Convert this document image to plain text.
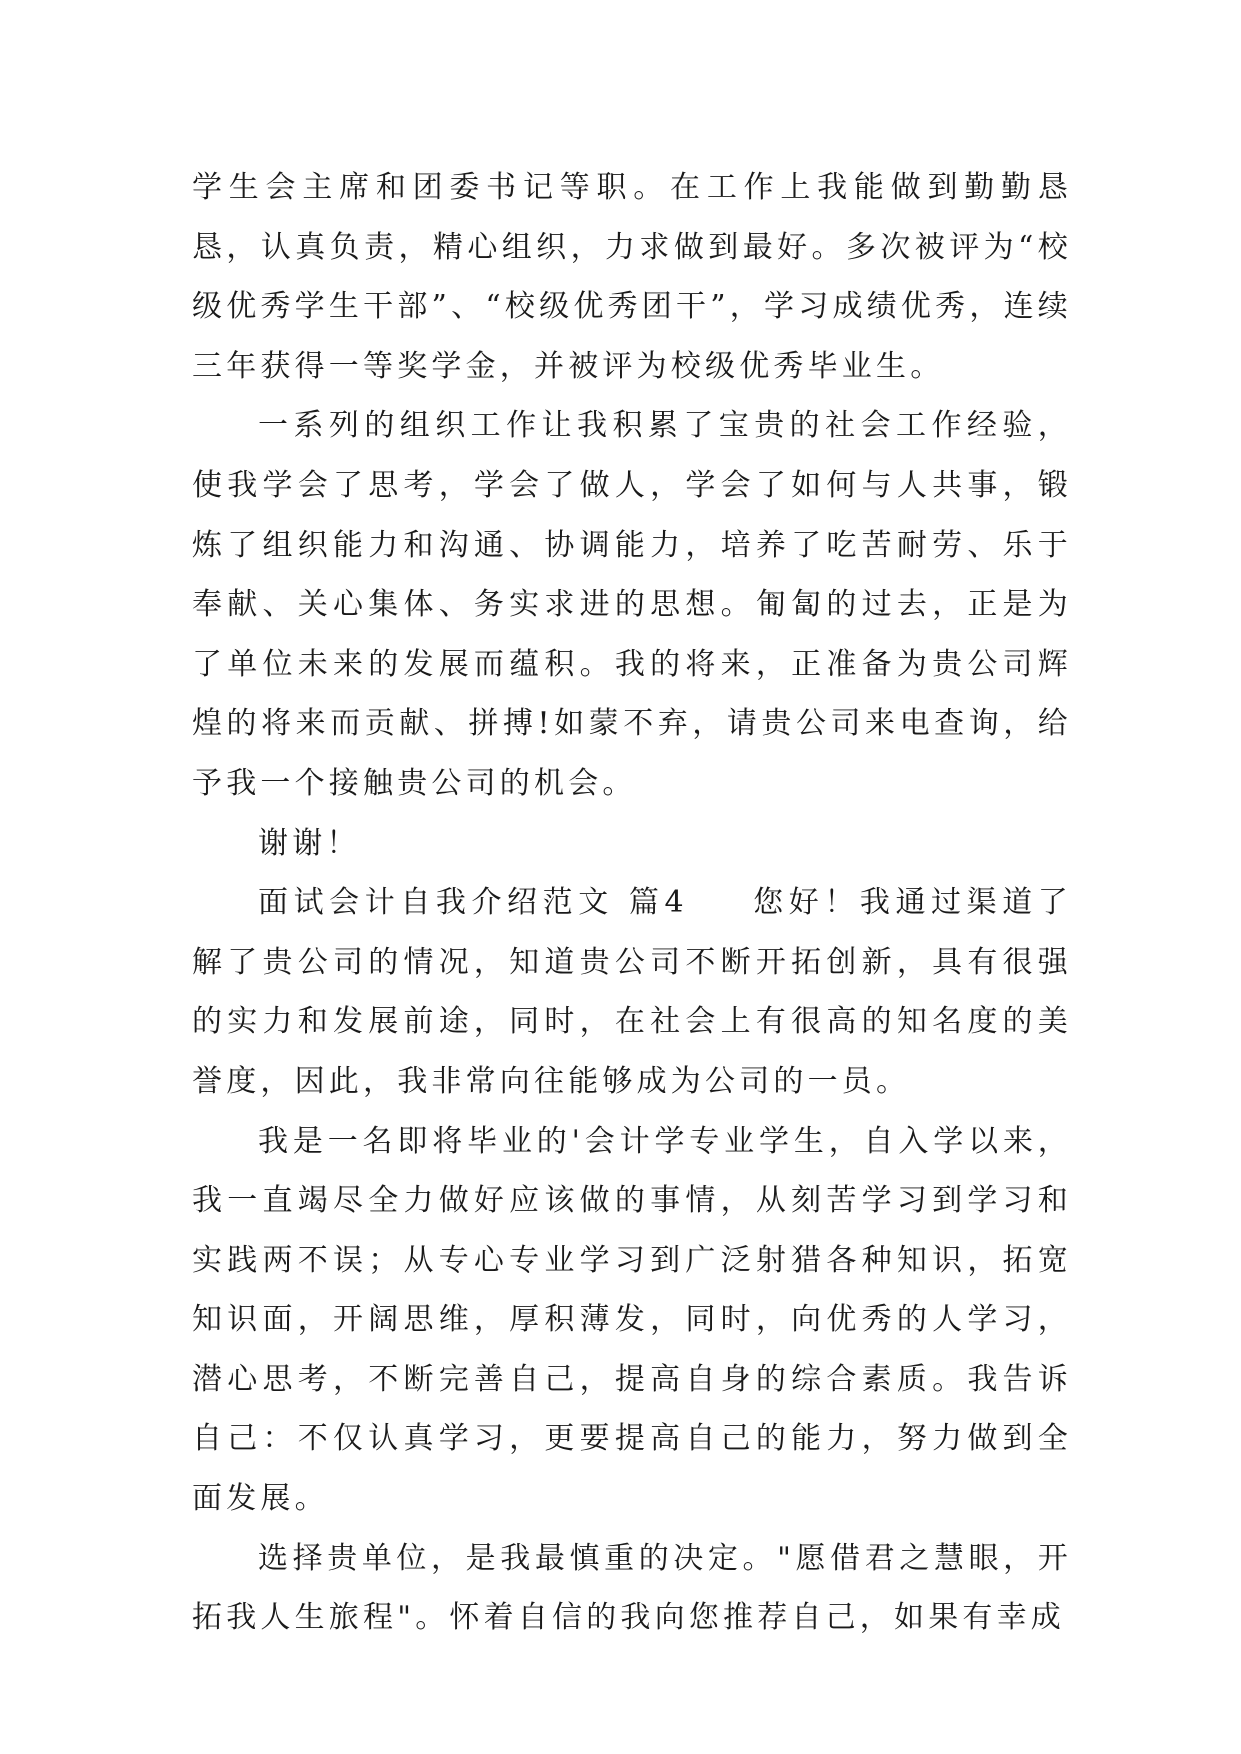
学生会主席和团委书记等职。在工作上我能做到勤勤恳恳，认真负责，精心组织，力求做到最好。多次被评为“校级优秀学生干部”、“校级优秀团干”，学习成绩优秀，连续三年获得一等奖学金，并被评为校级优秀毕业生。

一系列的组织工作让我积累了宝贵的社会工作经验，使我学会了思考，学会了做人，学会了如何与人共事，锻炼了组织能力和沟通、协调能力，培养了吃苦耐劳、乐于奉献、关心集体、务实求进的思想。匍匐的过去，正是为了单位未来的发展而蕴积。我的将来，正准备为贵公司辉煌的将来而贡献、拼搏!如蒙不弃，请贵公司来电查询，给予我一个接触贵公司的机会。

谢谢！

面试会计自我介绍范文 篇4 您好！我通过渠道了解了贵公司的情况，知道贵公司不断开拓创新，具有很强的实力和发展前途，同时，在社会上有很高的知名度的美誉度，因此，我非常向往能够成为公司的一员。

我是一名即将毕业的'会计学专业学生，自入学以来，我一直竭尽全力做好应该做的事情，从刻苦学习到学习和实践两不误；从专心专业学习到广泛射猎各种知识，拓宽知识面，开阔思维，厚积薄发，同时，向优秀的人学习，潜心思考，不断完善自己，提高自身的综合素质。我告诉自己：不仅认真学习，更要提高自己的能力，努力做到全面发展。

选择贵单位，是我最慎重的决定。"愿借君之慧眼，开拓我人生旅程"。怀着自信的我向您推荐自己，如果有幸成
